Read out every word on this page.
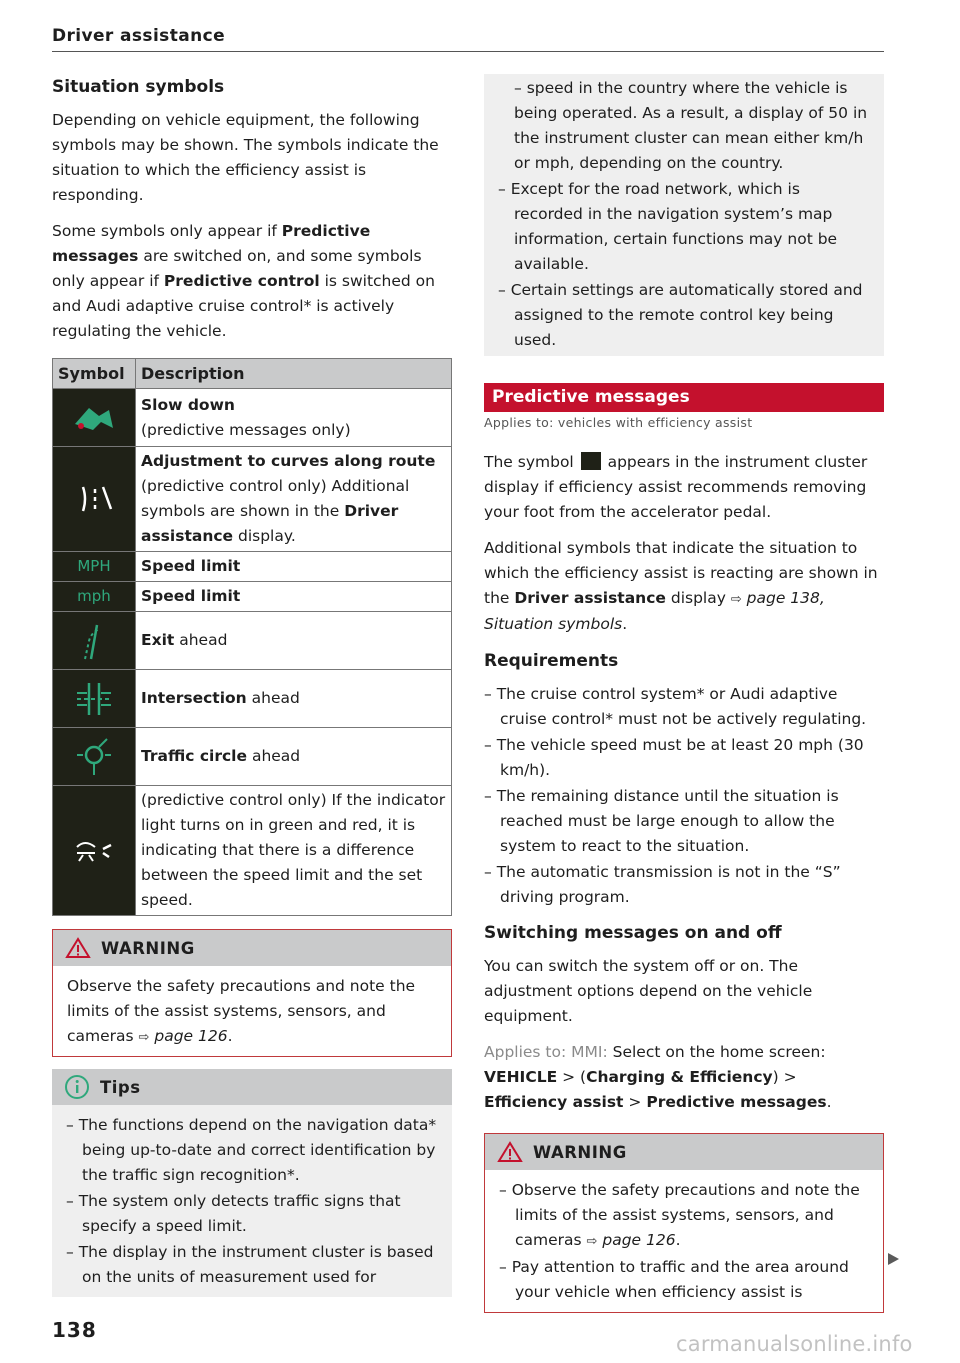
Driver assistance
Situation symbols

Depending on vehicle equipment, the following symbols may be shown. The symbols indicate the situation to which the efficiency assist is responding.

Some symbols only appear if Predictive messages are switched on, and some symbols only appear if Predictive control is switched on and Audi adaptive cruise control* is actively regulating the vehicle.

Symbol	Description

	Slow down
(predictive messages only)

	Adjustment to curves along route
(predictive control only) Additional symbols are shown in the Driver assistance display.
MPH	Speed limit
mph	Speed limit

	Exit ahead

	Intersection ahead

	Traffic circle ahead

	(predictive control only) If the indicator light turns on in green and red, it is indicating that there is a difference between the speed limit and the set speed.
WARNING

Observe the safety precautions and note the limits of the assist systems, sensors, and cameras ⇨ page 126.

Tips
– The functions depend on the navigation data* being up-to-date and correct identification by the traffic sign recognition*.
– The system only detects traffic signs that specify a speed limit.
– The display in the instrument cluster is based on the units of measurement used for
– speed in the country where the vehicle is being operated. As a result, a display of 50 in the instrument cluster can mean either km/h or mph, depending on the country.
– Except for the road network, which is recorded in the navigation system’s map information, certain functions may not be available.
– Certain settings are automatically stored and assigned to the remote control key being used.
Predictive messages
Applies to: vehicles with efficiency assist

The symbol  appears in the instrument cluster display if efficiency assist recommends removing your foot from the accelerator pedal.

Additional symbols that indicate the situation to which the efficiency assist is reacting are shown in the Driver assistance display ⇨ page 138, Situation symbols.

Requirements
– The cruise control system* or Audi adaptive cruise control* must not be actively regulating.
– The vehicle speed must be at least 20 mph (30 km/h).
– The remaining distance until the situation is reached must be large enough to allow the system to react to the situation.
– The automatic transmission is not in the “S” driving program.
Switching messages on and off

You can switch the system off or on. The adjustment options depend on the vehicle equipment.

Applies to: MMI: Select on the home screen: VEHICLE > (Charging & Efficiency) > Efficiency assist > Predictive messages.

WARNING
– Observe the safety precautions and note the limits of the assist systems, sensors, and cameras ⇨ page 126.
– Pay attention to traffic and the area around your vehicle when efficiency assist is
138
carmanualsonline.info
